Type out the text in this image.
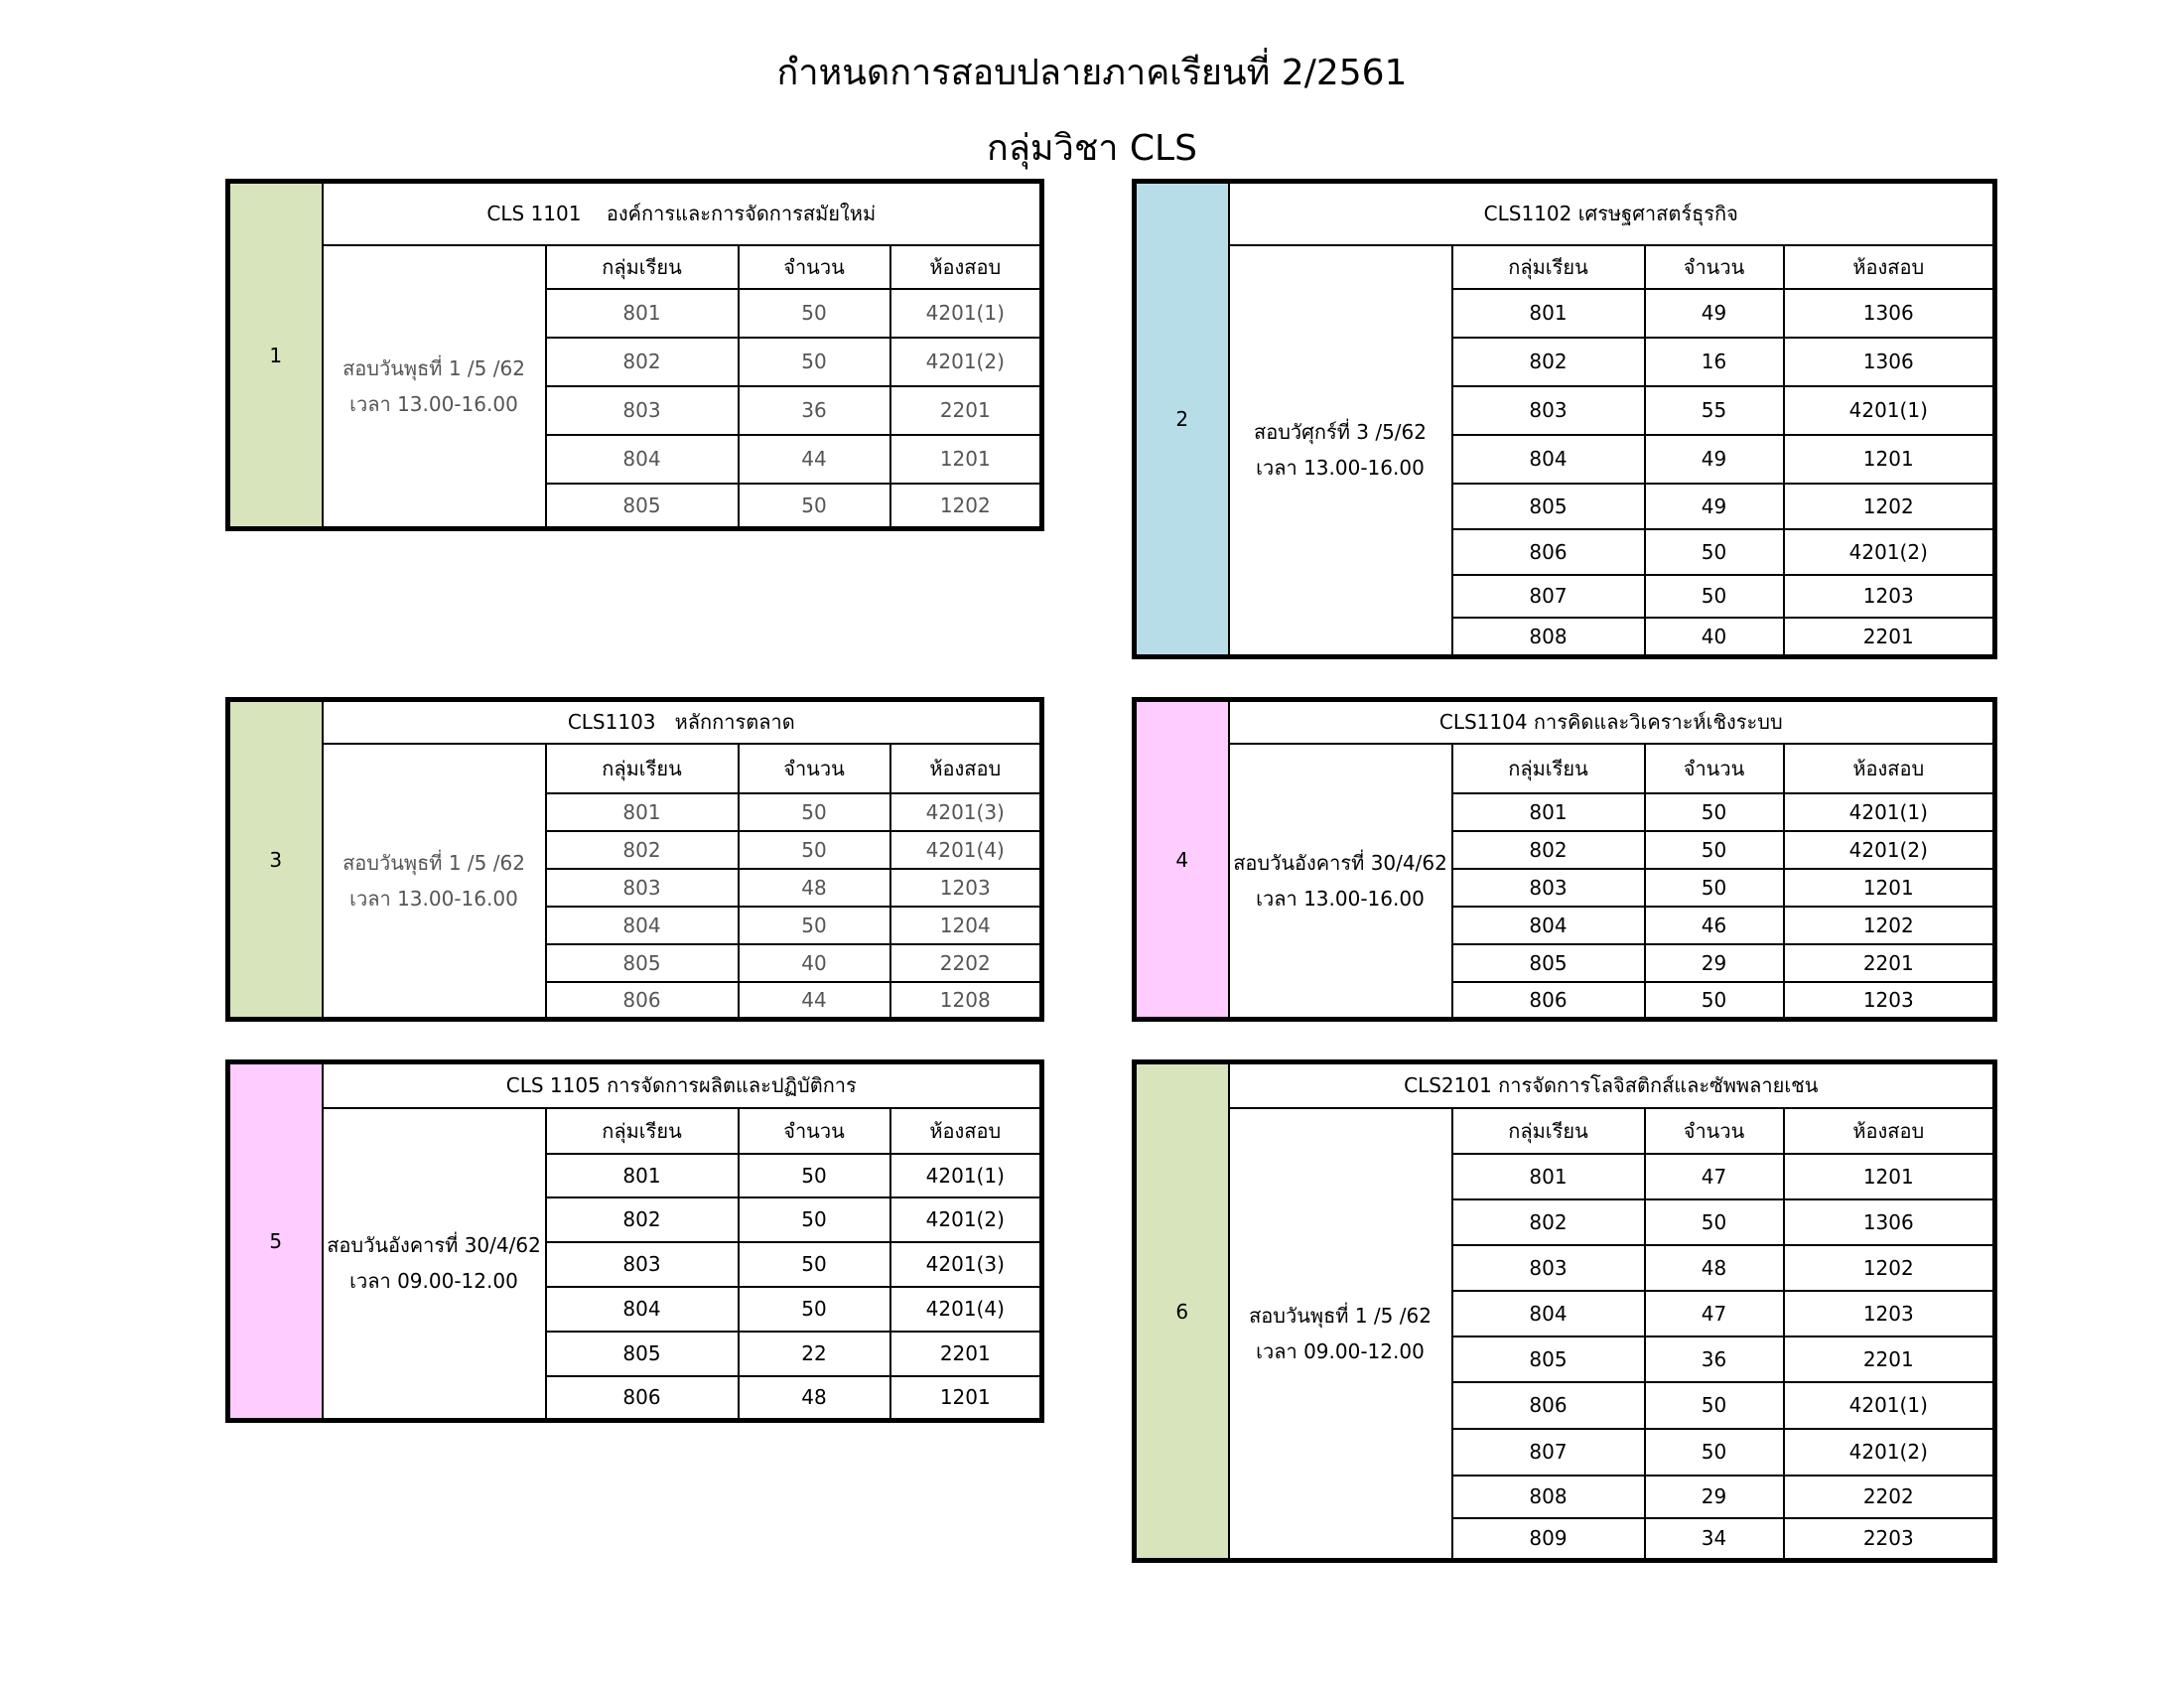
กำหนดการสอบปลายภาคเรียนที่ 2/2561
กลุ่มวิชา CLS
1	CLS 1101    องค์การและการจัดการสมัยใหม่			

	สอบวันพุธที่ 1 /5 /62
เวลา 13.00-16.00	กลุ่มเรียน	จำนวน	ห้องสอบ
		801	50	4201(1)
		802	50	4201(2)
		803	36	2201
		804	44	1201
		805	50	1202
2	CLS1102 เศรษฐศาสตร์ธุรกิจ			

	สอบวัศุกร์ที่ 3 /5/62
เวลา 13.00-16.00	กลุ่มเรียน	จำนวน	ห้องสอบ
		801	49	1306
		802	16	1306
		803	55	4201(1)
		804	49	1201
		805	49	1202
		806	50	4201(2)
		807	50	1203
		808	40	2201
3	CLS1103   หลักการตลาด			

	สอบวันพุธที่ 1 /5 /62
เวลา 13.00-16.00	กลุ่มเรียน	จำนวน	ห้องสอบ
		801	50	4201(3)
		802	50	4201(4)
		803	48	1203
		804	50	1204
		805	40	2202
		806	44	1208
4	CLS1104 การคิดและวิเคราะห์เชิงระบบ			

	สอบวันอังคารที่ 30/4/62
เวลา 13.00-16.00	กลุ่มเรียน	จำนวน	ห้องสอบ
		801	50	4201(1)
		802	50	4201(2)
		803	50	1201
		804	46	1202
		805	29	2201
		806	50	1203
5	CLS 1105 การจัดการผลิตและปฏิบัติการ			

	สอบวันอังคารที่ 30/4/62
เวลา 09.00-12.00	กลุ่มเรียน	จำนวน	ห้องสอบ
		801	50	4201(1)
		802	50	4201(2)
		803	50	4201(3)
		804	50	4201(4)
		805	22	2201
		806	48	1201
6	CLS2101 การจัดการโลจิสติกส์และซัพพลายเชน			

	สอบวันพุธที่ 1 /5 /62
เวลา 09.00-12.00	กลุ่มเรียน	จำนวน	ห้องสอบ
		801	47	1201
		802	50	1306
		803	48	1202
		804	47	1203
		805	36	2201
		806	50	4201(1)
		807	50	4201(2)
		808	29	2202
		809	34	2203
